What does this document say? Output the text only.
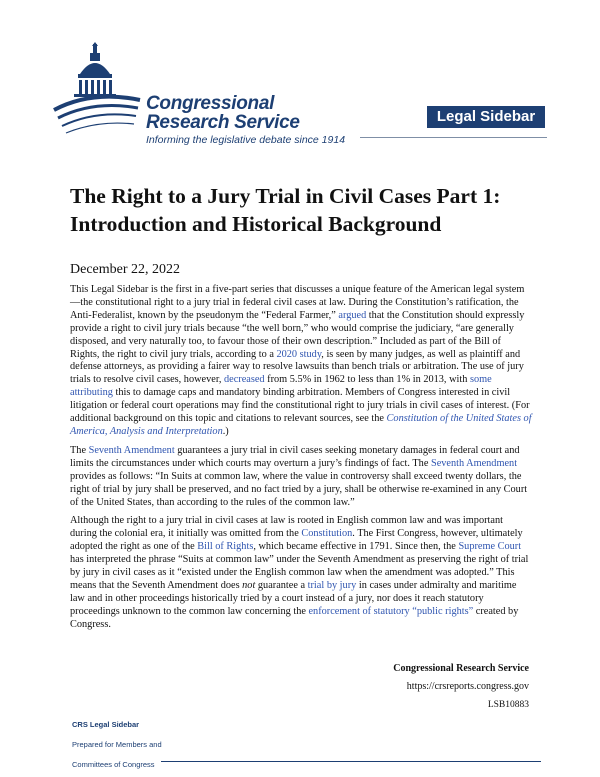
Congressional
Research Service
Informing the legislative debate since 1914
Legal Sidebar
The Right to a Jury Trial in Civil Cases Part 1:
Introduction and Historical Background
December 22, 2022

This Legal Sidebar is the first in a five-part series that discusses a unique feature of the American legal system—the constitutional right to a jury trial in federal civil cases at law. During the Constitution’s ratification, the Anti-Federalist, known by the pseudonym the “Federal Farmer,” argued that the Constitution should expressly provide a right to civil jury trials because “the well born,” who would comprise the judiciary, “are generally disposed, and very naturally too, to favour those of their own description.” Included as part of the Bill of Rights, the right to civil jury trials, according to a 2020 study, is seen by many judges, as well as plaintiff and defense attorneys, as providing a fairer way to resolve lawsuits than bench trials or arbitration. The use of jury trials to resolve civil cases, however, decreased from 5.5% in 1962 to less than 1% in 2013, with some attributing this to damage caps and mandatory binding arbitration. Members of Congress interested in civil litigation or federal court operations may find the constitutional right to jury trials in civil cases of interest. (For additional background on this topic and citations to relevant sources, see the Constitution of the United States of America, Analysis and Interpretation.)

The Seventh Amendment guarantees a jury trial in civil cases seeking monetary damages in federal court and limits the circumstances under which courts may overturn a jury’s findings of fact. The Seventh Amendment provides as follows: “In Suits at common law, where the value in controversy shall exceed twenty dollars, the right of trial by jury shall be preserved, and no fact tried by a jury, shall be otherwise re-examined in any Court of the United States, than according to the rules of the common law.”

Although the right to a jury trial in civil cases at law is rooted in English common law and was important during the colonial era, it initially was omitted from the Constitution. The First Congress, however, ultimately adopted the right as one of the Bill of Rights, which became effective in 1791. Since then, the Supreme Court has interpreted the phrase “Suits at common law” under the Seventh Amendment as preserving the right of trial by jury in civil cases as it “existed under the English common law when the amendment was adopted.” This means that the Seventh Amendment does not guarantee a trial by jury in cases under admiralty and maritime law and in other proceedings historically tried by a court instead of a jury, nor does it reach statutory proceedings unknown to the common law concerning the enforcement of statutory “public rights” created by Congress.

Congressional Research Service
https://crsreports.congress.gov
LSB10883
CRS Legal Sidebar
Prepared for Members and
Committees of Congress
